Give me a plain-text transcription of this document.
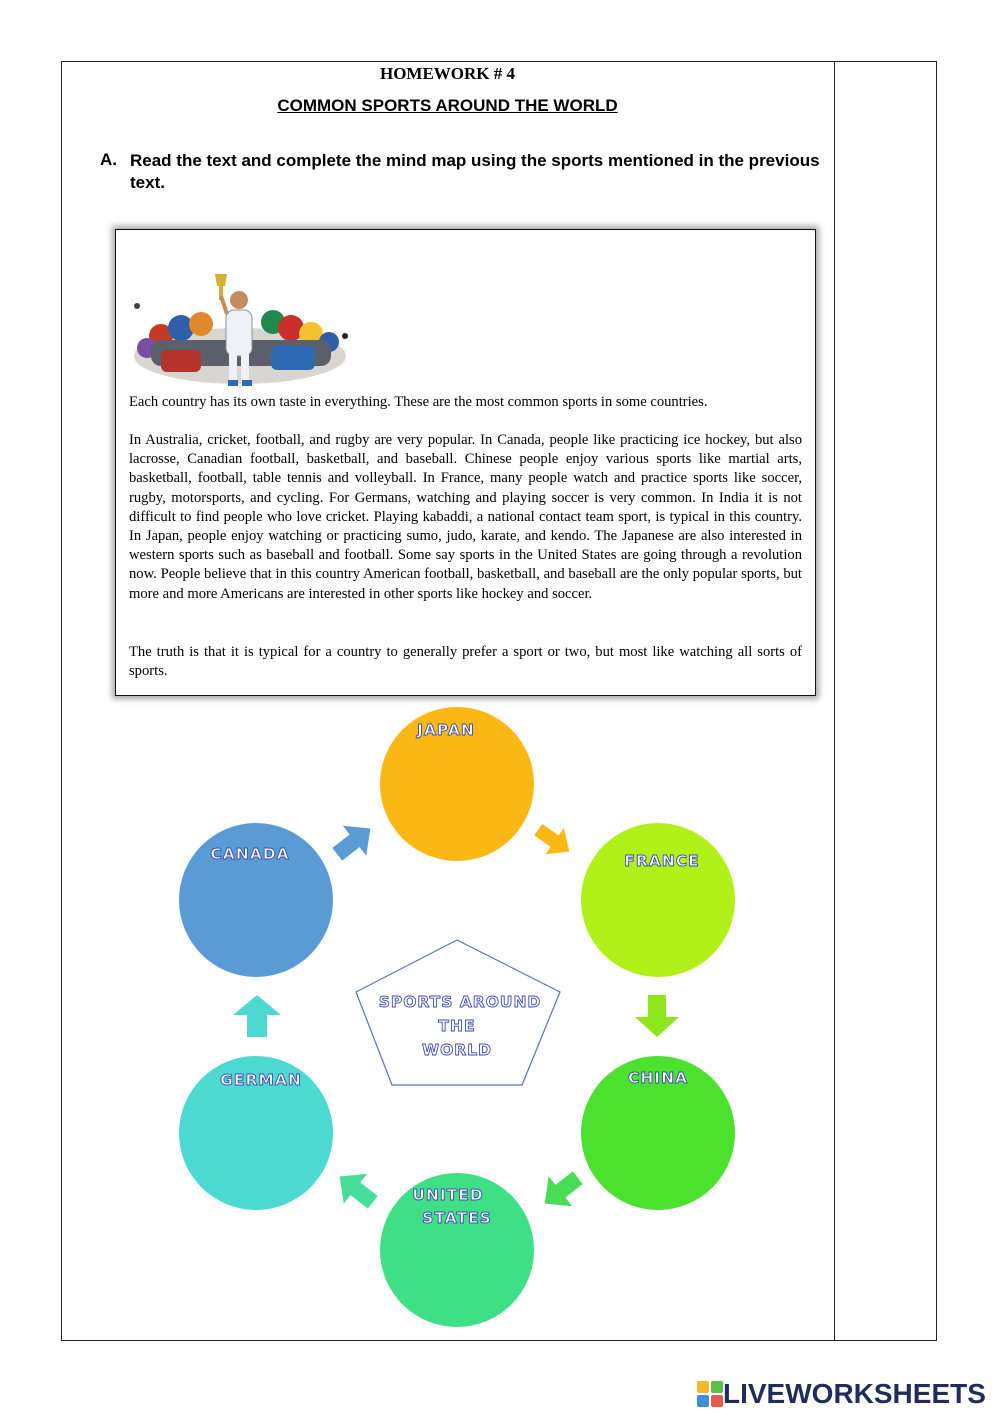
HOMEWORK # 4
COMMON SPORTS AROUND THE WORLD
A. Read the text and complete the mind map using the sports mentioned in the previous text.

Each country has its own taste in everything. These are the most common sports in some countries.

In Australia, cricket, football, and rugby are very popular. In Canada, people like practicing ice hockey, but also lacrosse, Canadian football, basketball, and baseball. Chinese people enjoy various sports like martial arts, basketball, football, table tennis and volleyball. In France, many people watch and practice sports like soccer, rugby, motorsports, and cycling. For Germans, watching and playing soccer is very common. In India it is not difficult to find people who love cricket. Playing kabaddi, a national contact team sport, is typical in this country. In Japan, people enjoy watching or practicing sumo, judo, karate, and kendo. The Japanese are also interested in western sports such as baseball and football. Some say sports in the United States are going through a revolution now. People believe that in this country American football, basketball, and baseball are the only popular sports, but more and more Americans are interested in other sports like hockey and soccer.

The truth is that it is typical for a country to generally prefer a sport or two, but most like watching all sorts of sports.

SPORTS AROUND
THE
WORLD
JAPAN
FRANCE
CHINA
UNITED
STATES
GERMAN
CANADA
LIVEWORKSHEETS
